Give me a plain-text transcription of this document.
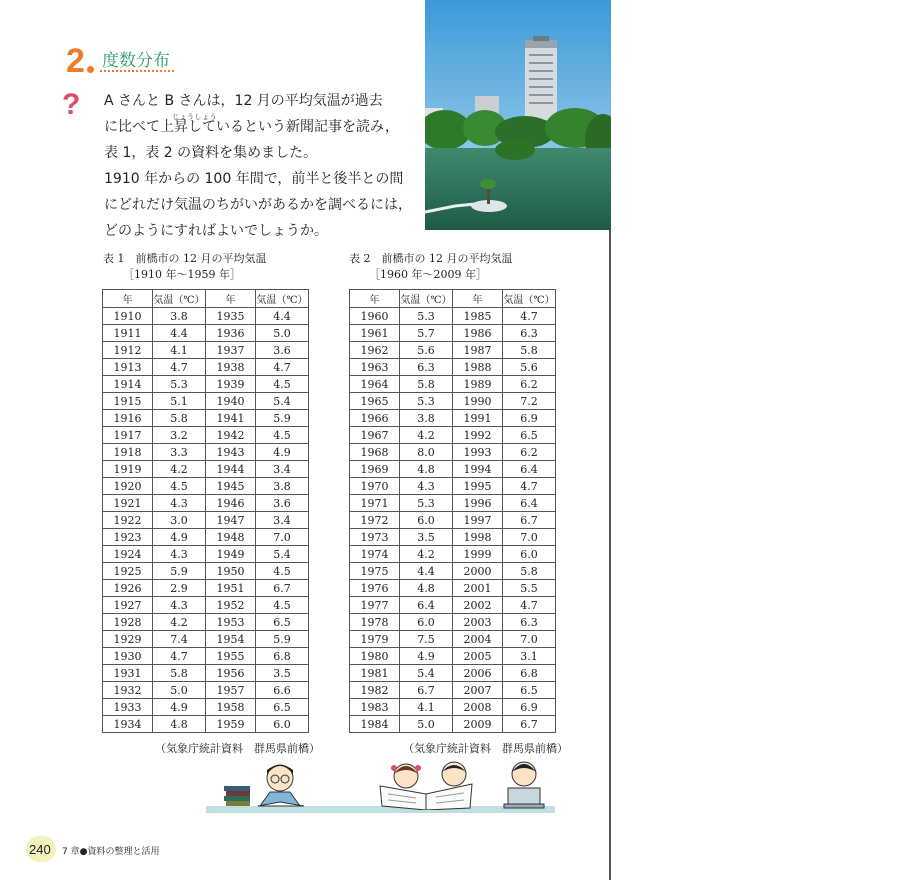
2 度数分布
?	じょうしょう

A さんと B さんは，12 月の平均気温が過去

に比べて上昇しているという新聞記事を読み，

表 1，表 2 の資料を集めました。

1910 年からの 100 年間で，前半と後半との間

にどれだけ気温のちがいがあるかを調べるには，

どのようにすればよいでしょうか。

表 1　前橋市の 12 月の平均気温
［1910 年～1959 年］
年	気温（℃）	年	気温（℃）
1910	3.8	1935	4.4
1911	4.4	1936	5.0
1912	4.1	1937	3.6
1913	4.7	1938	4.7
1914	5.3	1939	4.5
1915	5.1	1940	5.4
1916	5.8	1941	5.9
1917	3.2	1942	4.5
1918	3.3	1943	4.9
1919	4.2	1944	3.4
1920	4.5	1945	3.8
1921	4.3	1946	3.6
1922	3.0	1947	3.4
1923	4.9	1948	7.0
1924	4.3	1949	5.4
1925	5.9	1950	4.5
1926	2.9	1951	6.7
1927	4.3	1952	4.5
1928	4.2	1953	6.5
1929	7.4	1954	5.9
1930	4.7	1955	6.8
1931	5.8	1956	3.5
1932	5.0	1957	6.6
1933	4.9	1958	6.5
1934	4.8	1959	6.0
（気象庁統計資料　群馬県前橋）
表 2　前橋市の 12 月の平均気温
［1960 年～2009 年］
年	気温（℃）	年	気温（℃）
1960	5.3	1985	4.7
1961	5.7	1986	6.3
1962	5.6	1987	5.8
1963	6.3	1988	5.6
1964	5.8	1989	6.2
1965	5.3	1990	7.2
1966	3.8	1991	6.9
1967	4.2	1992	6.5
1968	8.0	1993	6.2
1969	4.8	1994	6.4
1970	4.3	1995	4.7
1971	5.3	1996	6.4
1972	6.0	1997	6.7
1973	3.5	1998	7.0
1974	4.2	1999	6.0
1975	4.4	2000	5.8
1976	4.8	2001	5.5
1977	6.4	2002	4.7
1978	6.0	2003	6.3
1979	7.5	2004	7.0
1980	4.9	2005	3.1
1981	5.4	2006	6.8
1982	6.7	2007	6.5
1983	4.1	2008	6.9
1984	5.0	2009	6.7
（気象庁統計資料　群馬県前橋）
240 7 章●資料の整理と活用
